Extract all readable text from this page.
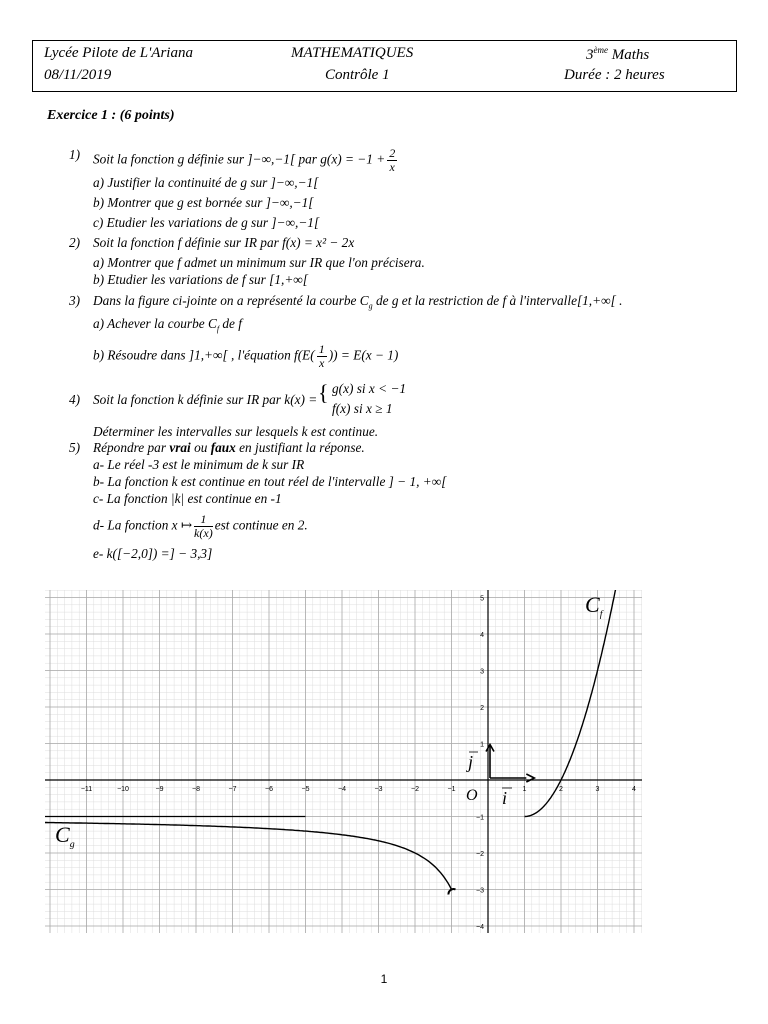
Lycée Pilote de L'Ariana
08/11/2019
MATHEMATIQUES
Contrôle 1
3ème Maths
Durée : 2 heures
Exercice 1 : (6 points)
1) Soit la fonction g définie sur ]−∞,−1[ par $g(x) = -1 + \frac{2}{x}$
a) Justifier la continuité de g sur ]−∞,−1[
b) Montrer que g est bornée sur ]−∞,−1[
c) Etudier les variations de g sur ]−∞,−1[
2) Soit la fonction f définie sur IR par f(x) = x² − 2x
a) Montrer que f admet un minimum sur IR que l'on précisera.
b) Etudier les variations de f sur [1,+∞[
3) Dans la figure ci-jointe on a représenté la courbe $C_g$ de g et la restriction de f à l'intervalle[1,+∞[ .
a) Achever la courbe $C_f$ de f
b) Résoudre dans ]1,+∞[ , l'équation $f(E( \frac{1}{x}$ )) = E(x − 1)
4) Soit la fonction k définie sur IR par k(x) = { g(x) si x < −1
f(x) si x ≥ 1
Déterminer les intervalles sur lesquels k est continue.
5) Répondre par vrai ou faux en justifiant la réponse.
a- Le réel -3 est le minimum de k sur IR
b- La fonction k est continue en tout réel de l'intervalle ] − 1, +∞[
c- La fonction |k| est continue en -1
d- La fonction x ↦ $\frac{1}{k(x)}$ est continue en 2.
e- k([−2,0]) =] − 3,3]
−11	−10	−9	−8	−7	−6	−5	−4	−3	−2	−1	1	2	3	4
5
4
3
2
1
−1
−2
−3
−4
O i
j
$C_f$
$C_g$
1
